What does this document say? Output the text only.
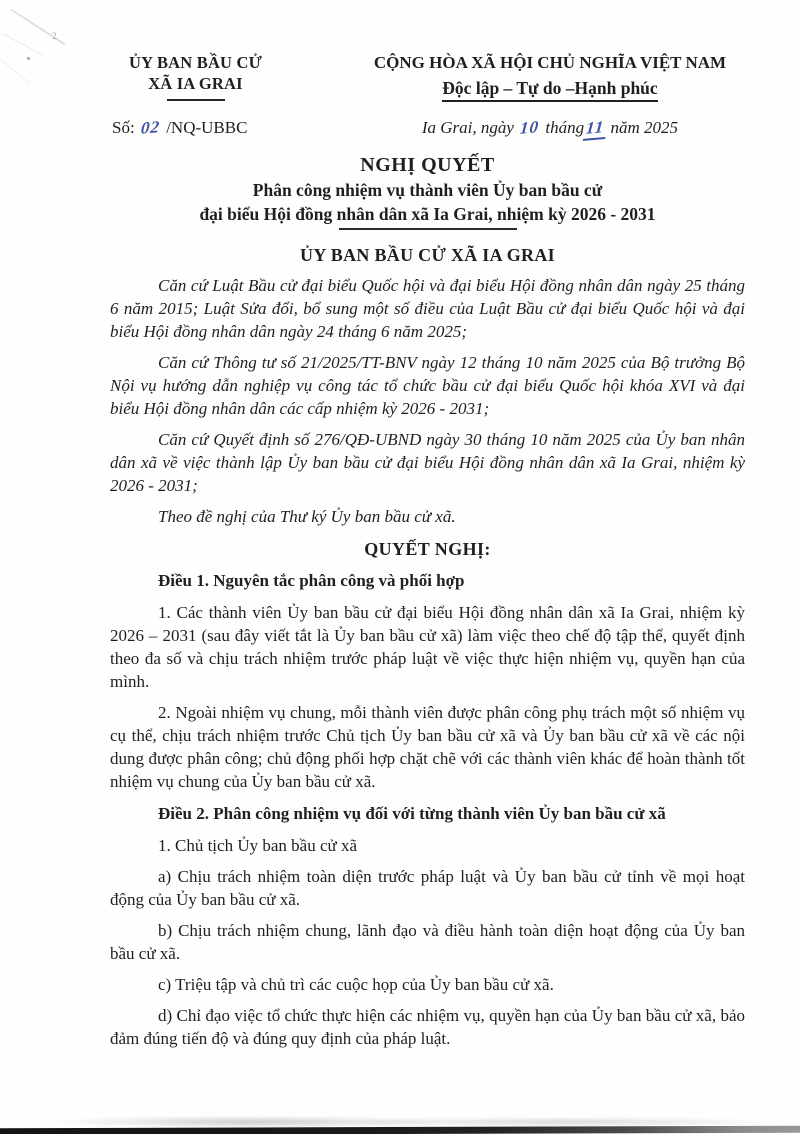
2
ỦY BAN BẦU CỬ
XÃ IA GRAI
CỘNG HÒA XÃ HỘI CHỦ NGHĨA VIỆT NAM
Độc lập – Tự do –Hạnh phúc
Số: 02 /NQ-UBBC	Ia Grai, ngày 10 tháng11 năm 2025
NGHỊ QUYẾT
Phân công nhiệm vụ thành viên Ủy ban bầu cử
đại biểu Hội đồng nhân dân xã Ia Grai, nhiệm kỳ 2026 - 2031
ỦY BAN BẦU CỬ XÃ IA GRAI

Căn cứ Luật Bầu cử đại biểu Quốc hội và đại biểu Hội đồng nhân dân ngày 25 tháng 6 năm 2015; Luật Sửa đổi, bổ sung một số điều của Luật Bầu cử đại biểu Quốc hội và đại biểu Hội đồng nhân dân ngày 24 tháng 6 năm 2025;

Căn cứ Thông tư số 21/2025/TT-BNV ngày 12 tháng 10 năm 2025 của Bộ trưởng Bộ Nội vụ hướng dẫn nghiệp vụ công tác tổ chức bầu cử đại biểu Quốc hội khóa XVI và đại biểu Hội đồng nhân dân các cấp nhiệm kỳ 2026 - 2031;

Căn cứ Quyết định số 276/QĐ-UBND ngày 30 tháng 10 năm 2025 của Ủy ban nhân dân xã về việc thành lập Ủy ban bầu cử đại biểu Hội đồng nhân dân xã Ia Grai, nhiệm kỳ 2026 - 2031;

Theo đề nghị của Thư ký Ủy ban bầu cử xã.

QUYẾT NGHỊ:
Điều 1. Nguyên tắc phân công và phối hợp

1. Các thành viên Ủy ban bầu cử đại biểu Hội đồng nhân dân xã Ia Grai, nhiệm kỳ 2026 – 2031 (sau đây viết tắt là Ủy ban bầu cử xã) làm việc theo chế độ tập thể, quyết định theo đa số và chịu trách nhiệm trước pháp luật về việc thực hiện nhiệm vụ, quyền hạn của mình.

2. Ngoài nhiệm vụ chung, mỗi thành viên được phân công phụ trách một số nhiệm vụ cụ thể, chịu trách nhiệm trước Chủ tịch Ủy ban bầu cử xã và Ủy ban bầu cử xã về các nội dung được phân công; chủ động phối hợp chặt chẽ với các thành viên khác để hoàn thành tốt nhiệm vụ chung của Ủy ban bầu cử xã.

Điều 2. Phân công nhiệm vụ đối với từng thành viên Ủy ban bầu cử xã

1. Chủ tịch Ủy ban bầu cử xã

a) Chịu trách nhiệm toàn diện trước pháp luật và Ủy ban bầu cử tỉnh về mọi hoạt động của Ủy ban bầu cử xã.

b) Chịu trách nhiệm chung, lãnh đạo và điều hành toàn diện hoạt động của Ủy ban bầu cử xã.

c) Triệu tập và chủ trì các cuộc họp của Ủy ban bầu cử xã.

d) Chỉ đạo việc tổ chức thực hiện các nhiệm vụ, quyền hạn của Ủy ban bầu cử xã, bảo đảm đúng tiến độ và đúng quy định của pháp luật.
